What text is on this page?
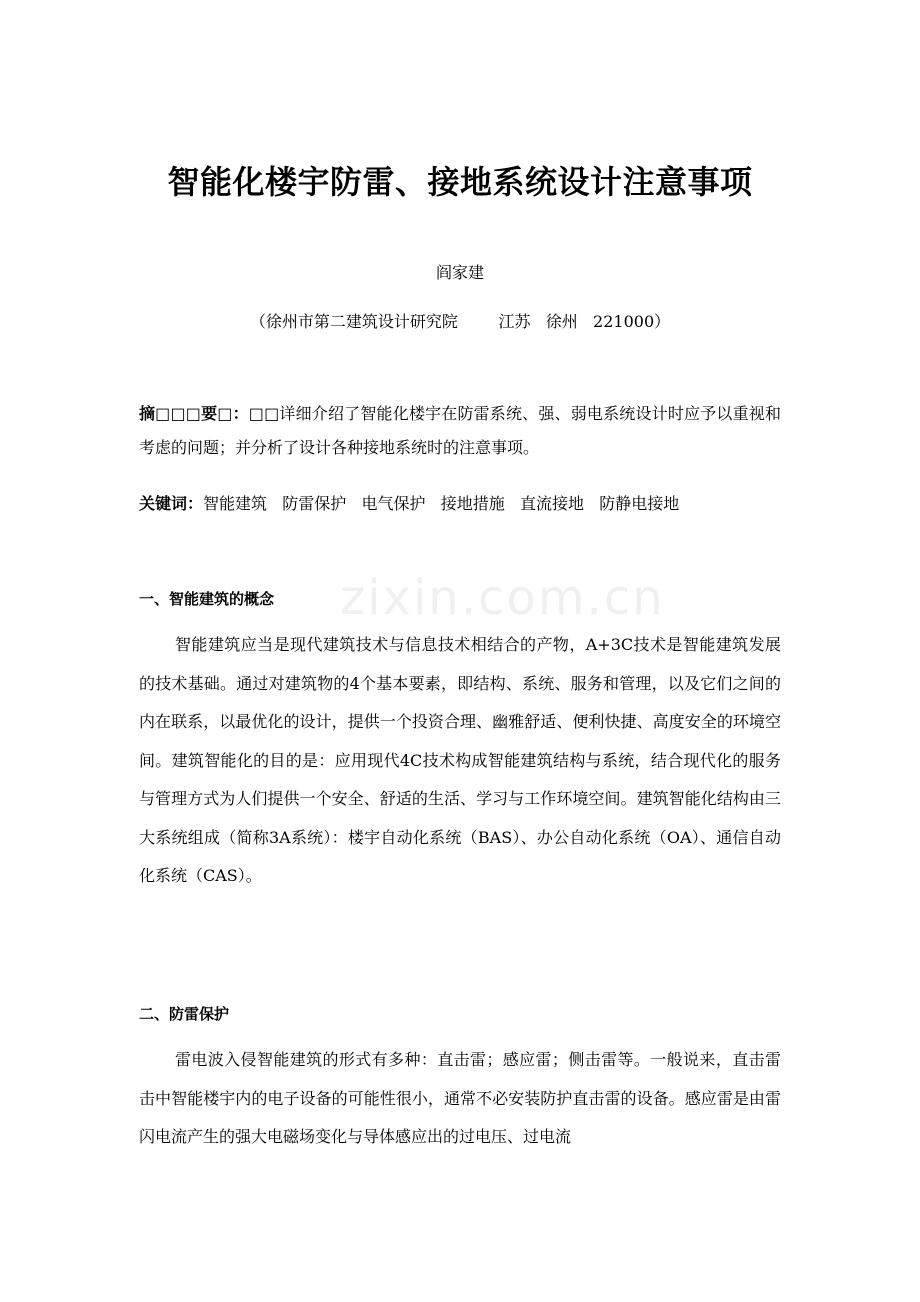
zixin.com.cn
智能化楼宇防雷、接地系统设计注意事项
阎家建
（徐州市第二建筑设计研究院        江苏   徐州   221000）
摘□□□要□：□□详细介绍了智能化楼宇在防雷系统、强、弱电系统设计时应予以重视和考虑的问题；并分析了设计各种接地系统时的注意事项。
关键词：智能建筑   防雷保护   电气保护   接地措施   直流接地   防静电接地
一、智能建筑的概念
智能建筑应当是现代建筑技术与信息技术相结合的产物，A+3C技术是智能建筑发展的技术基础。通过对建筑物的4个基本要素，即结构、系统、服务和管理，以及它们之间的内在联系，以最优化的设计，提供一个投资合理、幽雅舒适、便利快捷、高度安全的环境空间。建筑智能化的目的是：应用现代4C技术构成智能建筑结构与系统，结合现代化的服务与管理方式为人们提供一个安全、舒适的生活、学习与工作环境空间。建筑智能化结构由三大系统组成（简称3A系统）：楼宇自动化系统（BAS）、办公自动化系统（OA）、通信自动化系统（CAS）。
二、防雷保护
雷电波入侵智能建筑的形式有多种：直击雷；感应雷；侧击雷等。一般说来，直击雷击中智能楼宇内的电子设备的可能性很小，通常不必安装防护直击雷的设备。感应雷是由雷闪电流产生的强大电磁场变化与导体感应出的过电压、过电流
